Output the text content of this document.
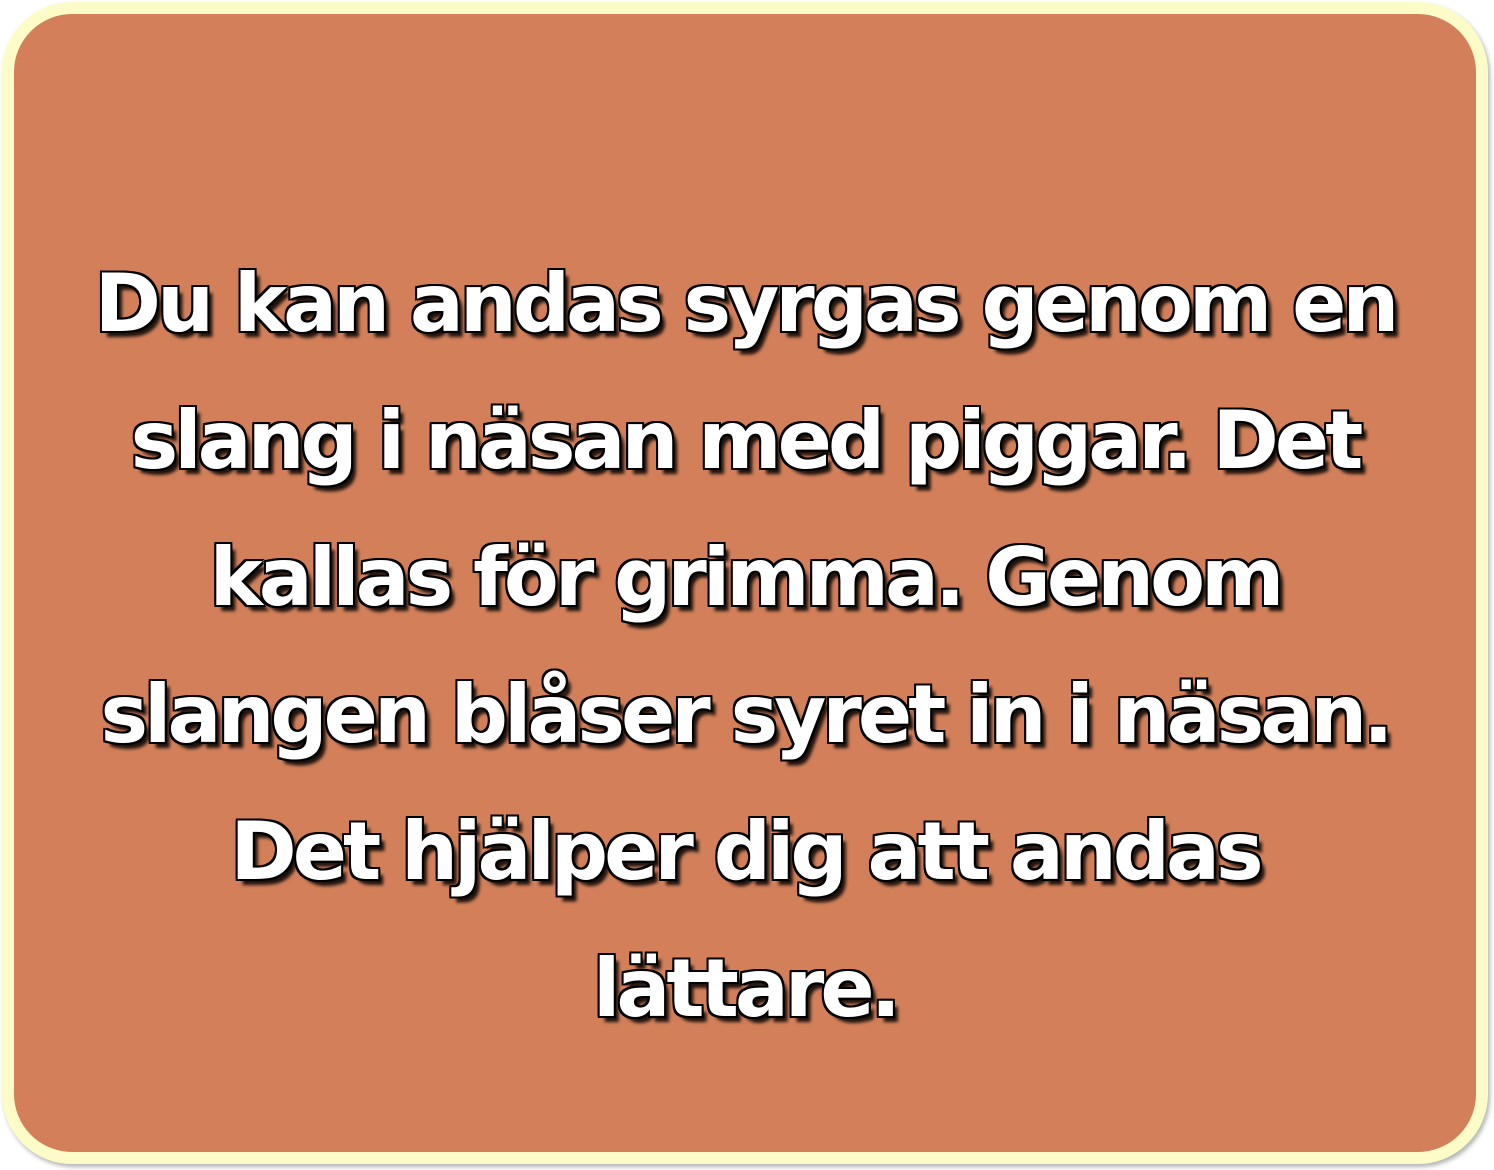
Du kan andas syrgas genom en
slang i näsan med piggar. Det
kallas för grimma. Genom
slangen blåser syret in i näsan.
Det hjälper dig att andas
lättare.
